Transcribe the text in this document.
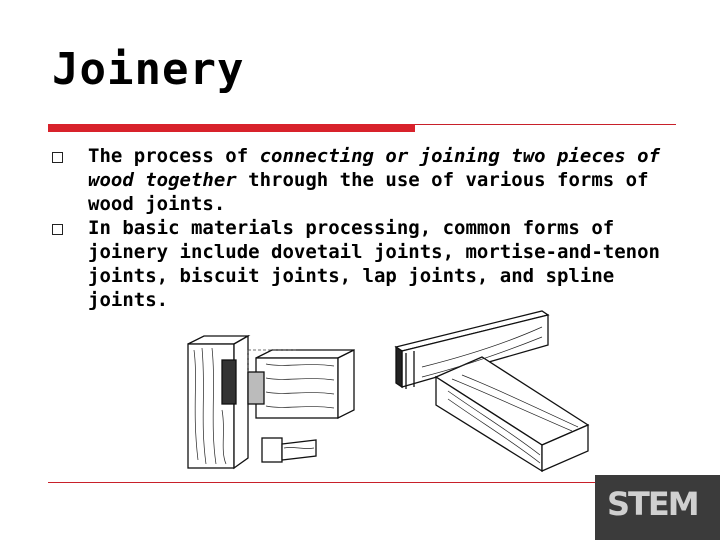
Joinery
The process of connecting or joining two pieces of wood together through the use of various forms of wood joints.
In basic materials processing, common forms of joinery include dovetail joints, mortise-and-tenon joints, biscuit joints, lap joints, and spline joints.
STEM
